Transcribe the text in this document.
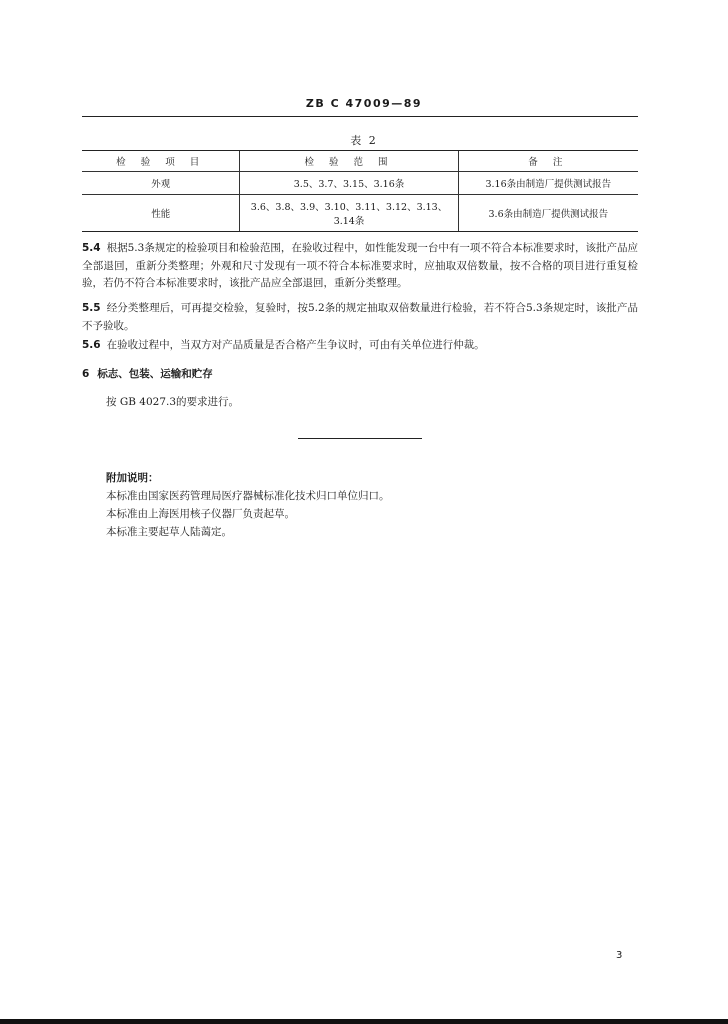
ZB C 47009—89
表 2
检 验 项 目	检 验 范 围	备 注
外观	3.5、3.7、3.15、3.16条	3.16条由制造厂提供测试报告
性能	3.6、3.8、3.9、3.10、3.11、3.12、3.13、3.14条	3.6条由制造厂提供测试报告
5.4 根据5.3条规定的检验项目和检验范围，在验收过程中，如性能发现一台中有一项不符合本标准要求时，该批产品应全部退回，重新分类整理；外观和尺寸发现有一项不符合本标准要求时，应抽取双倍数量，按不合格的项目进行重复检验，若仍不符合本标准要求时，该批产品应全部退回，重新分类整理。
5.5 经分类整理后，可再提交检验，复验时，按5.2条的规定抽取双倍数量进行检验，若不符合5.3条规定时，该批产品不予验收。
5.6 在验收过程中，当双方对产品质量是否合格产生争议时，可由有关单位进行仲裁。
6 标志、包装、运输和贮存
按 GB 4027.3的要求进行。
附加说明：
本标准由国家医药管理局医疗器械标准化技术归口单位归口。
本标准由上海医用核子仪器厂负责起草。
本标准主要起草人陆蔼定。
3
